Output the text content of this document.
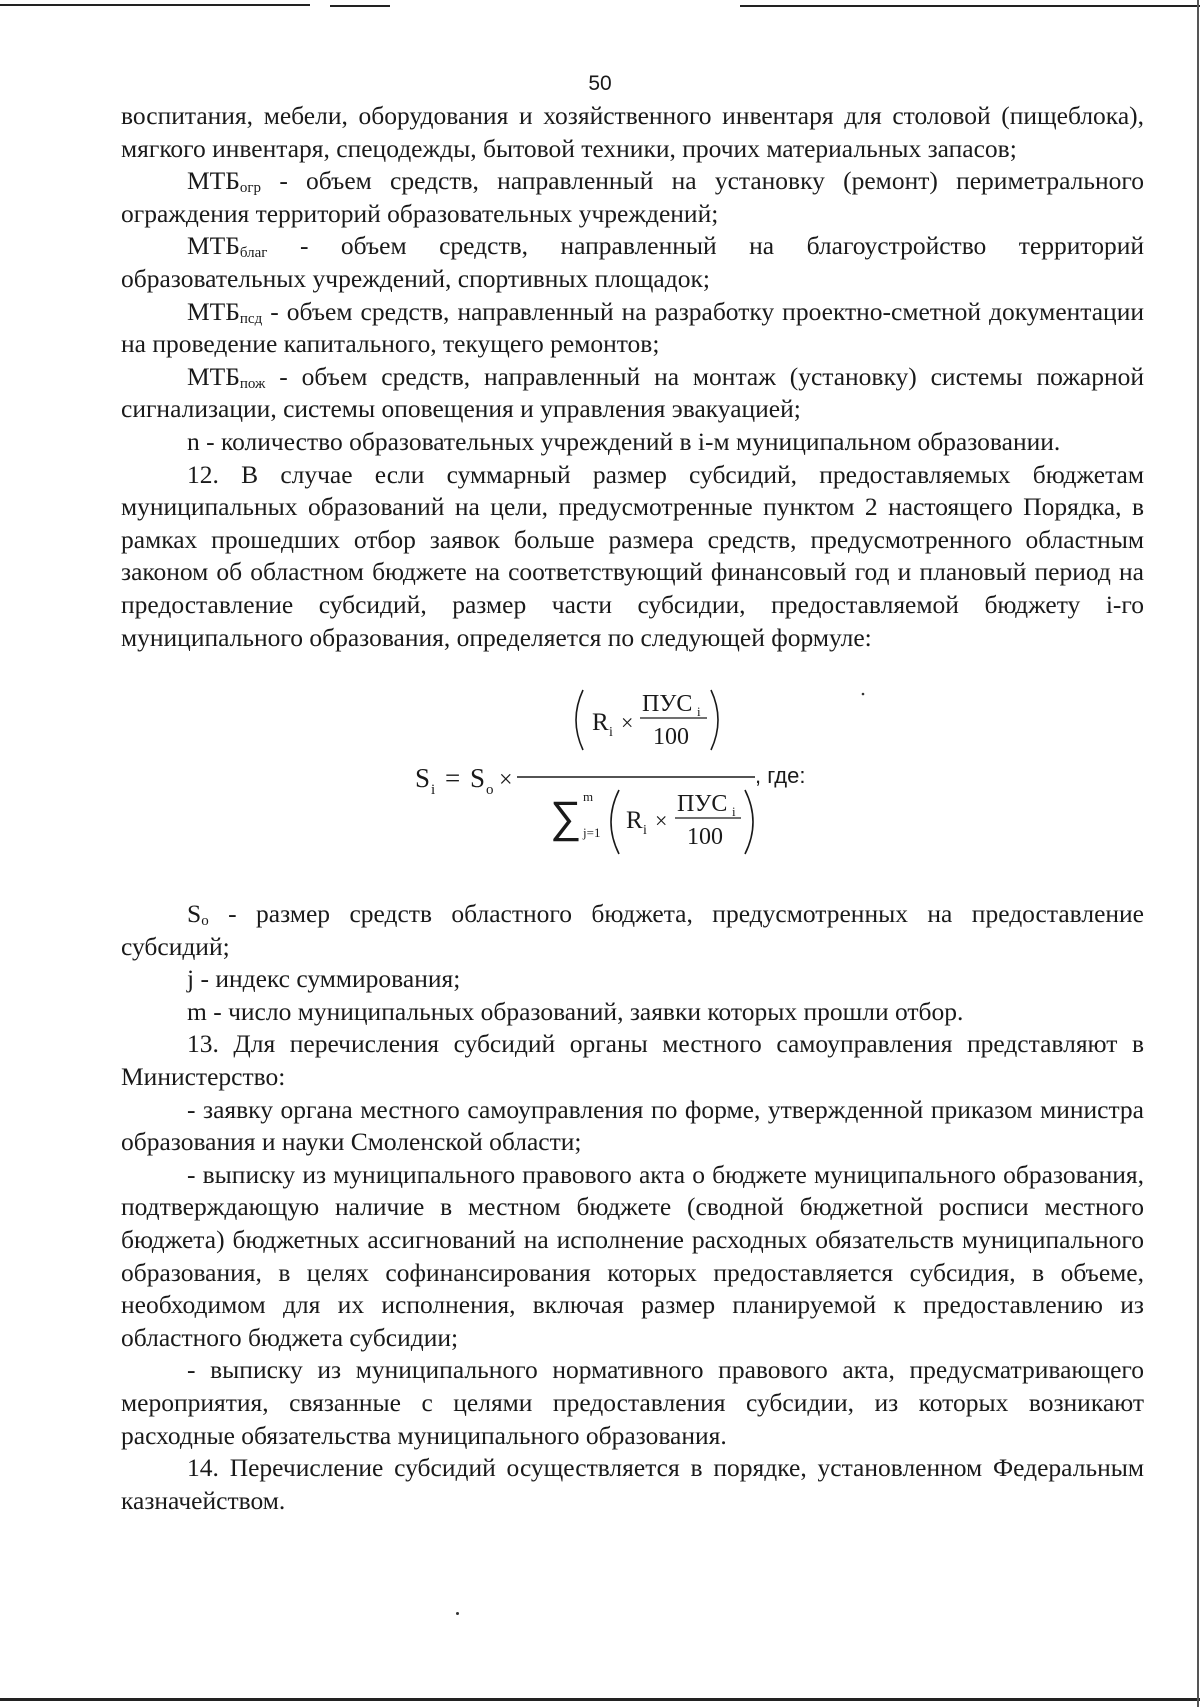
50

воспитания, мебели, оборудования и хозяйственного инвентаря для столовой (пищеблока), мягкого инвентаря, спецодежды, бытовой техники, прочих материальных запасов;

$МТБ_{огр}$ - объем средств, направленный на установку (ремонт) периметрального ограждения территорий образовательных учреждений;

$МТБ_{благ}$ - объем средств, направленный на благоустройство территорий образовательных учреждений, спортивных площадок;

$МТБ_{псд}$ - объем средств, направленный на разработку проектно-сметной документации на проведение капитального, текущего ремонтов;

$МТБ_{пож}$ - объем средств, направленный на монтаж (установку) системы пожарной сигнализации, системы оповещения и управления эвакуацией;

n - количество образовательных учреждений в i-м муниципальном образовании.

12. В случае если суммарный размер субсидий, предоставляемых бюджетам муниципальных образований на цели, предусмотренные пунктом 2 настоящего Порядка, в рамках прошедших отбор заявок больше размера средств, предусмотренного областным законом об областном бюджете на соответствующий финансовый год и плановый период на предоставление субсидий, размер части субсидии, предоставляемой бюджету i-го муниципального образования, определяется по следующей формуле:

S i = S o ×
R i ×
ПУС i
100
∑ m
j=1 R i ×
ПУС i
100
, где:

$S_o$ - размер средств областного бюджета, предусмотренных на предоставление субсидий;

j - индекс суммирования;

m - число муниципальных образований, заявки которых прошли отбор.

13. Для перечисления субсидий органы местного самоуправления представляют в Министерство:

- заявку органа местного самоуправления по форме, утвержденной приказом министра образования и науки Смоленской области;

- выписку из муниципального правового акта о бюджете муниципального образования, подтверждающую наличие в местном бюджете (сводной бюджетной росписи местного бюджета) бюджетных ассигнований на исполнение расходных обязательств муниципального образования, в целях софинансирования которых предоставляется субсидия, в объеме, необходимом для их исполнения, включая размер планируемой к предоставлению из областного бюджета субсидии;

- выписку из муниципального нормативного правового акта, предусматривающего мероприятия, связанные с целями предоставления субсидии, из которых возникают расходные обязательства муниципального образования.

14. Перечисление субсидий осуществляется в порядке, установленном Федеральным казначейством.
